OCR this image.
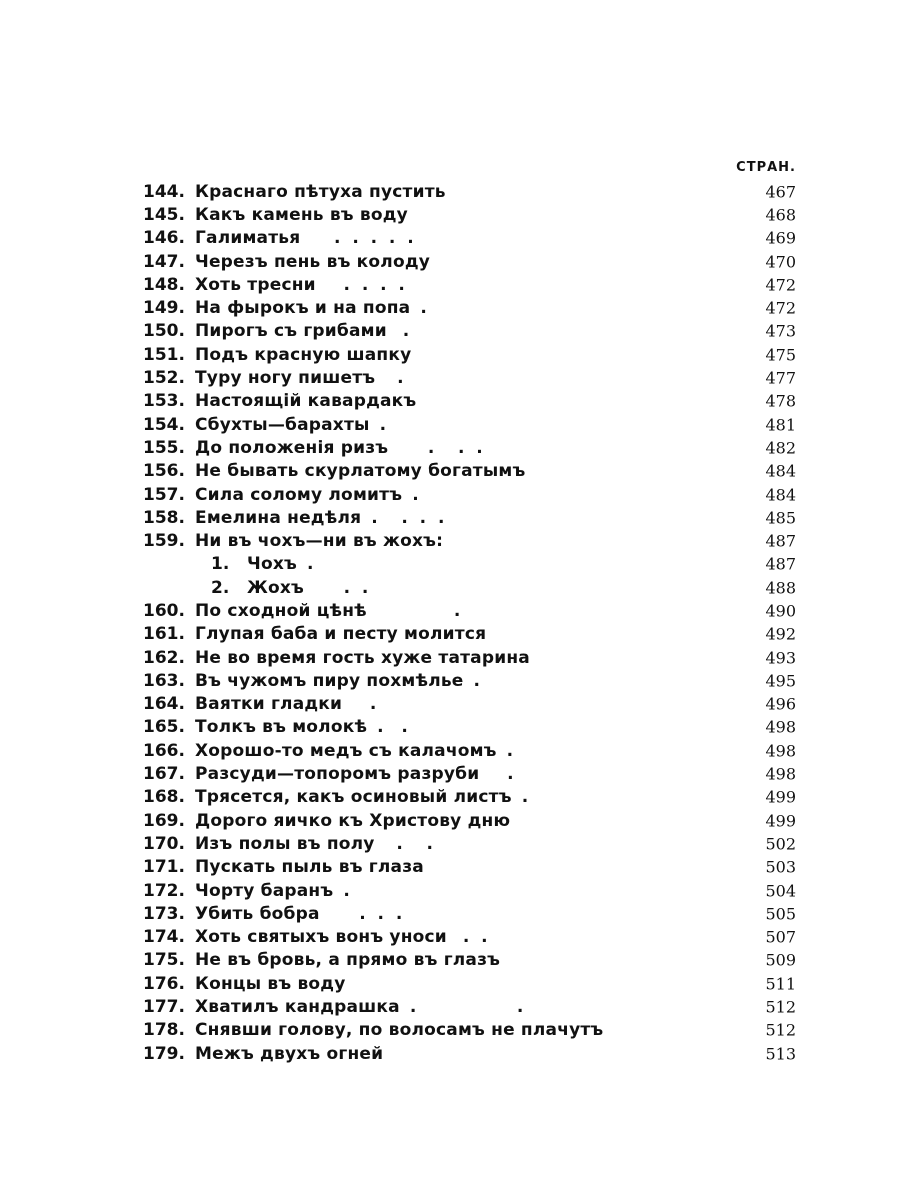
СТРАН.
144. Краснаго пѣтуха пустить	467
145. Какъ камень въ воду	468
146. Галиматья .  .  .  .  .	469
147. Черезъ пень въ колоду	470
148. Хоть тресни .  .  .  .	472
149. На фырокъ и на попа .	472
150. Пирогъ съ грибами .	473
151. Подъ красную шапку	475
152. Туру ногу пишетъ .	477
153. Настоящій кавардакъ	478
154. Сбухты—барахты .	481
155. До положенія ризъ .    .  .	482
156. Не бывать скурлатому богатымъ	484
157. Сила солому ломитъ .	484
158. Емелина недѣля .    .  .  .	485
159. Ни въ чохъ—ни въ жохъ:	487
1.	Чохъ .	487
2.	Жохъ .  .	488
160. По сходной цѣнѣ .	490
161. Глупая баба и песту молится	492
162. Не во время гость хуже татарина	493
163. Въ чужомъ пиру похмѣлье .	495
164. Ваятки гладки .	496
165. Толкъ въ молокѣ .   .	498
166. Хорошо-то медъ съ калачомъ .	498
167. Разсуди—топоромъ разруби .	498
168. Трясется, какъ осиновый листъ .	499
169. Дорого яичко къ Христову дню	499
170. Изъ полы въ полу .    .	502
171. Пускать пыль въ глаза	503
172. Чорту баранъ .	504
173. Убить бобра .  .  .	505
174. Хоть святыхъ вонъ уноси .  .	507
175. Не въ бровь, а прямо въ глазъ	509
176. Концы въ воду	511
177. Хватилъ кандрашка .                 .	512
178. Снявши голову, по волосамъ не плачутъ	512
179. Межъ двухъ огней	513
